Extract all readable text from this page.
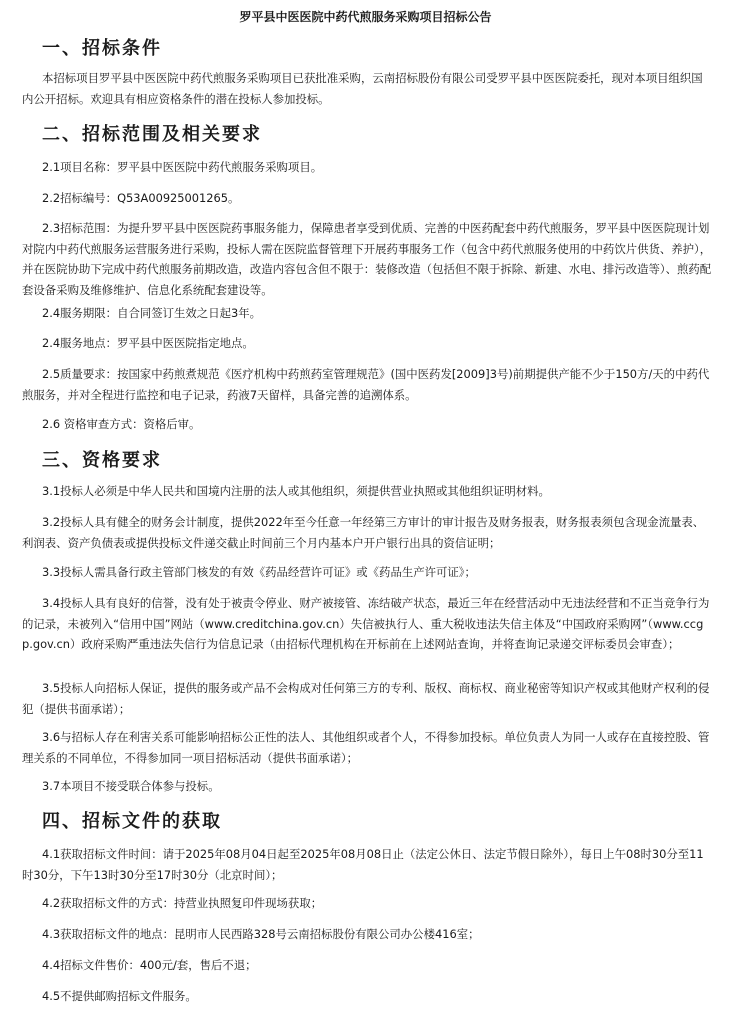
罗平县中医医院中药代煎服务采购项目招标公告
一、招标条件
本招标项目罗平县中医医院中药代煎服务采购项目已获批准采购，云南招标股份有限公司受罗平县中医医院委托，现对本项目组织国内公开招标。欢迎具有相应资格条件的潜在投标人参加投标。
二、招标范围及相关要求
2.1项目名称：罗平县中医医院中药代煎服务采购项目。
2.2招标编号：Q53A00925001265。
2.3招标范围：为提升罗平县中医医院药事服务能力，保障患者享受到优质、完善的中医药配套中药代煎服务，罗平县中医医院现计划对院内中药代煎服务运营服务进行采购，投标人需在医院监督管理下开展药事服务工作（包含中药代煎服务使用的中药饮片供货、养护），并在医院协助下完成中药代煎服务前期改造，改造内容包含但不限于：装修改造（包括但不限于拆除、新建、水电、排污改造等）、煎药配套设备采购及维修维护、信息化系统配套建设等。
2.4服务期限：自合同签订生效之日起3年。
2.4服务地点：罗平县中医医院指定地点。
2.5质量要求：按国家中药煎煮规范《医疗机构中药煎药室管理规范》(国中医药发[2009]3号)前期提供产能不少于150方/天的中药代煎服务，并对全程进行监控和电子记录，药液7天留样，具备完善的追溯体系。
2.6 资格审查方式：资格后审。
三、资格要求
3.1投标人必须是中华人民共和国境内注册的法人或其他组织，须提供营业执照或其他组织证明材料。
3.2投标人具有健全的财务会计制度，提供2022年至今任意一年经第三方审计的审计报告及财务报表，财务报表须包含现金流量表、利润表、资产负债表或提供投标文件递交截止时间前三个月内基本户开户银行出具的资信证明；
3.3投标人需具备行政主管部门核发的有效《药品经营许可证》或《药品生产许可证》；
3.4投标人具有良好的信誉，没有处于被责令停业、财产被接管、冻结破产状态，最近三年在经营活动中无违法经营和不正当竞争行为的记录，未被列入“信用中国”网站（www.creditchina.gov.cn）失信被执行人、重大税收违法失信主体及“中国政府采购网”（www.ccgp.gov.cn）政府采购严重违法失信行为信息记录（由招标代理机构在开标前在上述网站查询，并将查询记录递交评标委员会审查）；
3.5投标人向招标人保证，提供的服务或产品不会构成对任何第三方的专利、版权、商标权、商业秘密等知识产权或其他财产权利的侵犯（提供书面承诺）；
3.6与招标人存在利害关系可能影响招标公正性的法人、其他组织或者个人，不得参加投标。单位负责人为同一人或存在直接控股、管理关系的不同单位，不得参加同一项目招标活动（提供书面承诺）；
3.7本项目不接受联合体参与投标。
四、招标文件的获取
4.1获取招标文件时间：请于2025年08月04日起至2025年08月08日止（法定公休日、法定节假日除外），每日上午08时30分至11时30分，下午13时30分至17时30分（北京时间）；
4.2获取招标文件的方式：持营业执照复印件现场获取；
4.3获取招标文件的地点：昆明市人民西路328号云南招标股份有限公司办公楼416室；
4.4招标文件售价：400元/套，售后不退；
4.5不提供邮购招标文件服务。
